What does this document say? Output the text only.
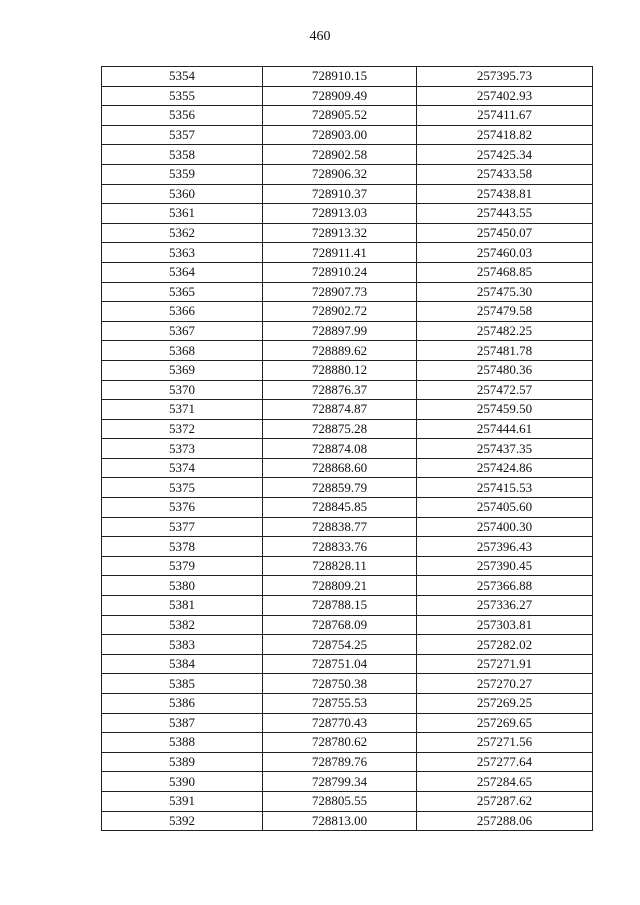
460
5354	728910.15	257395.73
5355	728909.49	257402.93
5356	728905.52	257411.67
5357	728903.00	257418.82
5358	728902.58	257425.34
5359	728906.32	257433.58
5360	728910.37	257438.81
5361	728913.03	257443.55
5362	728913.32	257450.07
5363	728911.41	257460.03
5364	728910.24	257468.85
5365	728907.73	257475.30
5366	728902.72	257479.58
5367	728897.99	257482.25
5368	728889.62	257481.78
5369	728880.12	257480.36
5370	728876.37	257472.57
5371	728874.87	257459.50
5372	728875.28	257444.61
5373	728874.08	257437.35
5374	728868.60	257424.86
5375	728859.79	257415.53
5376	728845.85	257405.60
5377	728838.77	257400.30
5378	728833.76	257396.43
5379	728828.11	257390.45
5380	728809.21	257366.88
5381	728788.15	257336.27
5382	728768.09	257303.81
5383	728754.25	257282.02
5384	728751.04	257271.91
5385	728750.38	257270.27
5386	728755.53	257269.25
5387	728770.43	257269.65
5388	728780.62	257271.56
5389	728789.76	257277.64
5390	728799.34	257284.65
5391	728805.55	257287.62
5392	728813.00	257288.06
